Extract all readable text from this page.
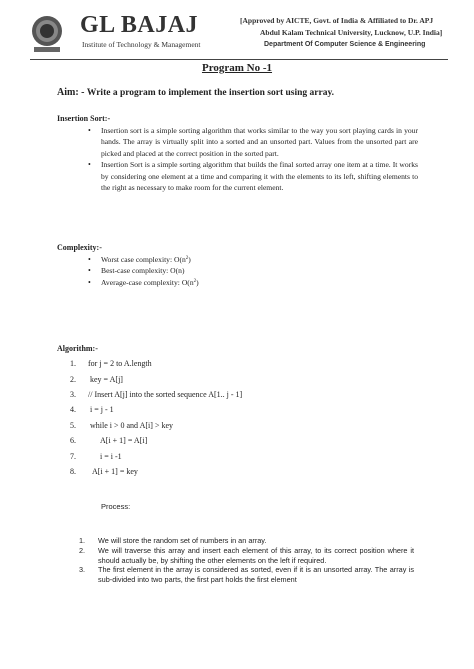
GL BAJAJ
Institute of Technology & Management
[Approved by AICTE, Govt. of India & Affiliated to Dr. APJ
Abdul Kalam Technical University, Lucknow, U.P. India]
Department Of Computer Science & Engineering
Program No -1
Aim: - Write a program to implement the insertion sort using array.
Insertion Sort:-
• Insertion sort is a simple sorting algorithm that works similar to the way you sort playing cards in your hands. The array is virtually split into a sorted and an unsorted part. Values from the unsorted part are picked and placed at the correct position in the sorted part.
• Insertion Sort is a simple sorting algorithm that builds the final sorted array one item at a time. It works by considering one element at a time and comparing it with the elements to its left, shifting elements to the right as necessary to make room for the current element.
Complexity:-
• Worst case complexity: $O(n^2)$
• Best-case complexity: O(n)
• Average-case complexity: $O(n^2)$
Algorithm:-
1.	for j = 2 to A.length
2.	key = A[j]
3.	// Insert A[j] into the sorted sequence A[1.. j - 1]
4.	i = j - 1
5.	while i > 0 and A[i] > key
6.	A[i + 1] = A[i]
7.	i = i -1
8.	A[i + 1] = key
Process:
1. We will store the random set of numbers in an array.
2. We will traverse this array and insert each element of this array, to its correct position where it should actually be, by shifting the other elements on the left if required.
3. The first element in the array is considered as sorted, even if it is an unsorted array. The array is sub-divided into two parts, the first part holds the first element
